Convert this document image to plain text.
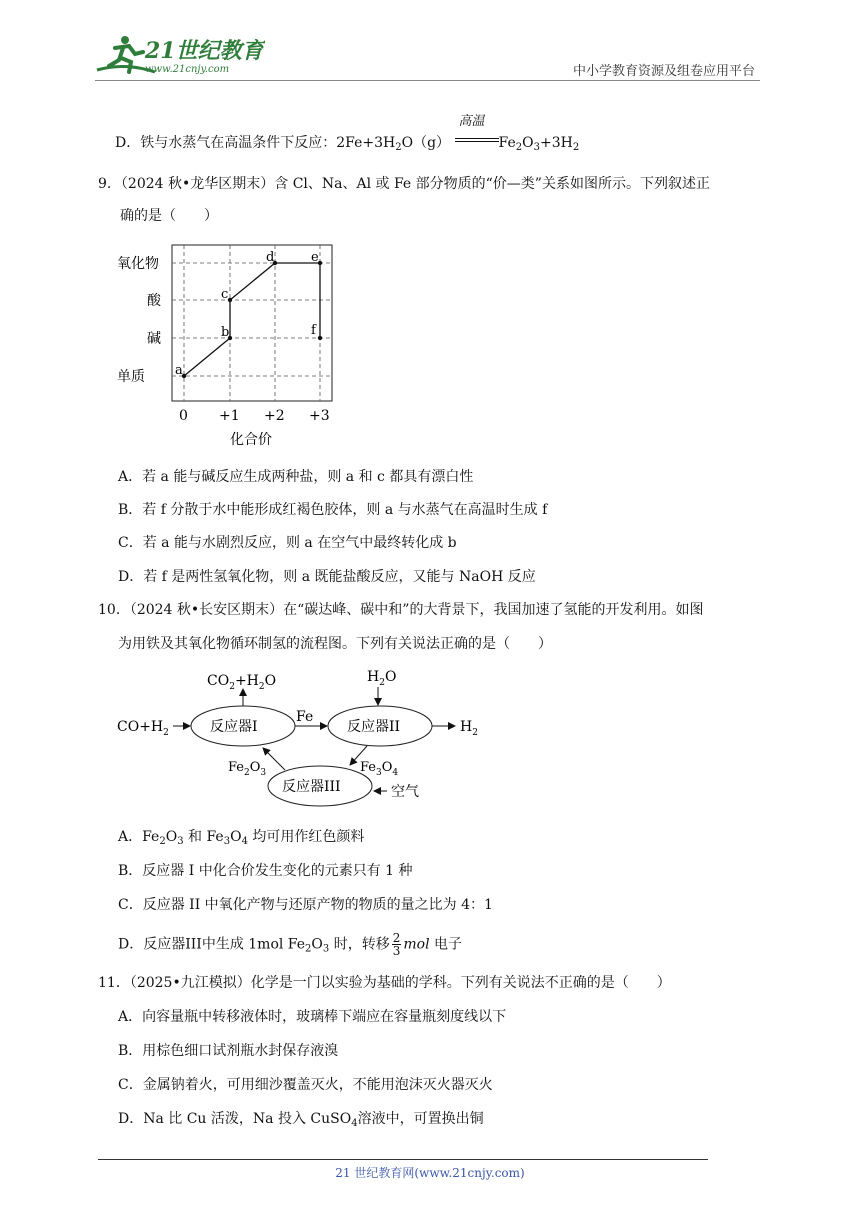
21世纪教育
www.21cnjy.com	中小学教育资源及组卷应用平台
D．铁与水蒸气在高温条件下反应：$2Fe+3H_2O(g)$
高温
$Fe_2O_3+3H_2$
9．（2024 秋•龙华区期末）含 Cl、Na、Al 或 Fe 部分物质的“价—类”关系如图所示。下列叙述正
确的是（　　）
氧化物
酸
碱
单质
0 +1 +2 +3
化合价
a
b
c
d	e
f
A．若 a 能与碱反应生成两种盐，则 a 和 c 都具有漂白性
B．若 f 分散于水中能形成红褐色胶体，则 a 与水蒸气在高温时生成 f
C．若 a 能与水剧烈反应，则 a 在空气中最终转化成 b
D．若 f 是两性氢氧化物，则 a 既能盐酸反应，又能与 NaOH 反应
10．（2024 秋•长安区期末）在“碳达峰、碳中和”的大背景下，我国加速了氢能的开发利用。如图
为用铁及其氧化物循环制氢的流程图。下列有关说法正确的是（　　）
反应器I	反应器II
反应器III
$CO+H_2$
$CO_2+H_2O$
Fe
$H_2O$
$H_2$
$Fe_3O_4$
$Fe_2O_3$
空气
A．$Fe_2O_3$ 和 $Fe_3O_4$ 均可用作红色颜料
B．反应器 I 中化合价发生变化的元素只有 1 种
C．反应器 II 中氧化产物与还原产物的物质的量之比为 4：1
D．反应器III中生成 1mol $Fe_2O_3$ 时，转移 $\frac{2}{3}$ mol 电子
11．（2025•九江模拟）化学是一门以实验为基础的学科。下列有关说法不正确的是（　　）
A．向容量瓶中转移液体时，玻璃棒下端应在容量瓶刻度线以下
B．用棕色细口试剂瓶水封保存液溴
C．金属钠着火，可用细沙覆盖灭火，不能用泡沫灭火器灭火
D．Na 比 Cu 活泼，Na 投入 CuSO$_4$溶液中，可置换出铜
21 世纪教育网(www.21cnjy.com)
